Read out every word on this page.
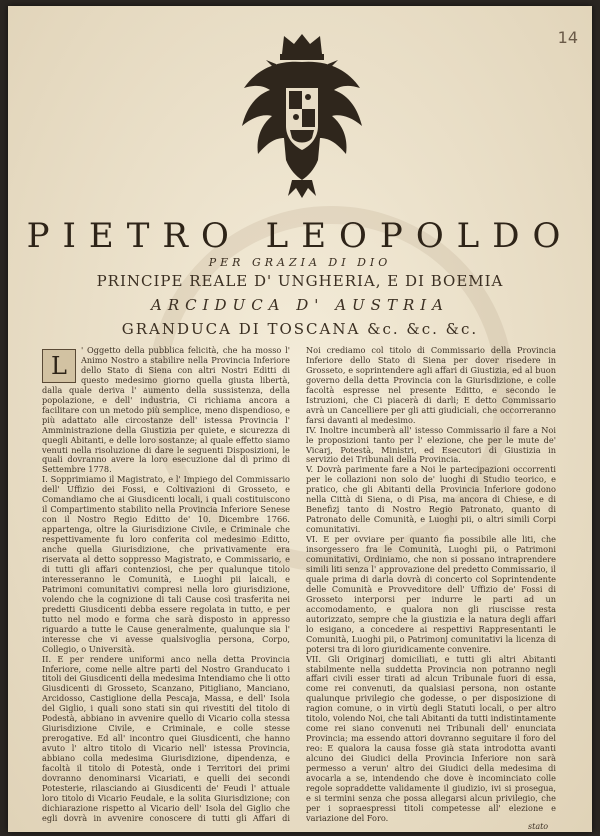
14
PIETRO LEOPOLDO
PER GRAZIA DI DIO
PRINCIPE REALE D' UNGHERIA, E DI BOEMIA
ARCIDUCA D' AUSTRIA
GRANDUCA DI TOSCANA &c. &c. &c.

L
' Oggetto della pubblica felicità, che ha mosso l' Animo Nostro a stabilire nella Provincia Inferiore dello Stato di Siena con altri Nostri Editti di questo medesimo giorno quella giusta libertà, dalla quale deriva l' aumento della sussistenza, della popolazione, e dell' industria, Ci richiama ancora a facilitare con un metodo più semplice, meno dispendioso, e più adattato alle circostanze dell' istessa Provincia l' Amministrazione della Giustizia per quiete, e sicurezza di quegli Abitanti, e delle loro sostanze; al quale effetto siamo venuti nella risoluzione di dare le seguenti Disposizioni, le quali dovranno avere la loro esecuzione dal dì primo di Settembre 1778.

I. Sopprimiamo il Magistrato, e l' Impiego del Commissario dell' Uffizio dei Fossi, e Coltivazioni di Grosseto, e Comandiamo che ai Giusdicenti locali, i quali costituiscono il Compartimento stabilito nella Provincia Inferiore Senese con il Nostro Regio Editto de' 10. Dicembre 1766. appartenga, oltre la Giurisdizione Civile, e Criminale che respettivamente fu loro conferita col medesimo Editto, anche quella Giurisdizione, che privativamente era riservata al detto soppresso Magistrato, e Commissario, e di tutti gli affari contenziosi, che per qualunque titolo interesseranno le Comunità, e Luoghi pii laicali, e Patrimoni comunitativi compresi nella loro giurisdizione, volendo che la cognizione di tali Cause così trasferita nei predetti Giusdicenti debba essere regolata in tutto, e per tutto nel modo e forma che sarà disposto in appresso riguardo a tutte le Cause generalmente, qualunque sia l' interesse che vi avesse qualsivoglia persona, Corpo, Collegio, o Università.

II. E per rendere uniformi anco nella detta Provincia Inferiore, come nelle altre parti del Nostro Granducato i titoli dei Giusdicenti della medesima Intendiamo che li otto Giusdicenti di Grosseto, Scanzano, Pitigliano, Manciano, Arcidosso, Castiglione della Pescaja, Massa, e dell' Isola del Giglio, i quali sono stati sin qui rivestiti del titolo di Podestà, abbiano in avvenire quello di Vicario colla stessa Giurisdizione Civile, e Criminale, e colle stesse prerogative. Ed all' incontro quei Giusdicenti, che hanno avuto l' altro titolo di Vicario nell' istessa Provincia, abbiano colla medesima Giurisdizione, dipendenza, e facoltà il titolo di Potestà, onde i Territori dei primi dovranno denominarsi Vicariati, e quelli dei secondi Potesterie, rilasciando ai Giusdicenti de' Feudi l' attuale loro titolo di Vicario Feudale, e la solita Giurisdizione; con dichiarazione rispetto al Vicario dell' Isola del Giglio che egli dovrà in avvenire conoscere di tutti gli Affari di

Noi crediamo col titolo di Commissario della Provincia Inferiore dello Stato di Siena per dover risedere in Grosseto, e soprintendere agli affari di Giustizia, ed al buon governo della detta Provincia con la Giurisdizione, e colle facoltà espresse nel presente Editto, e secondo le Istruzioni, che Ci piacerà di darli; E detto Commissario avrà un Cancelliere per gli atti giudiciali, che occorreranno farsi davanti al medesimo.

IV. Inoltre incumberà all' istesso Commissario il fare a Noi le proposizioni tanto per l' elezione, che per le mute de' Vicarj, Potestà, Ministri, ed Esecutori di Giustizia in servizio dei Tribunali della Provincia.

V. Dovrà parimente fare a Noi le partecipazioni occorrenti per le collazioni non solo de' luoghi di Studio teorico, e pratico, che gli Abitanti della Provincia Inferiore godono nella Città di Siena, o di Pisa, ma ancora di Chiese, e di Benefizj tanto di Nostro Regio Patronato, quanto di Patronato delle Comunità, e Luoghi pii, o altri simili Corpi comunitativi.

VI. E per ovviare per quanto fia possibile alle liti, che insorgessero fra le Comunità, Luoghi pii, o Patrimoni comunitativi, Ordiniamo, che non si possano intraprendere simili liti senza l' approvazione del predetto Commissario, il quale prima di darla dovrà di concerto col Soprintendente delle Comunità e Provveditore dell' Uffizio de' Fossi di Grosseto interporsi per indurre le parti ad un accomodamento, e qualora non gli riuscisse resta autorizzato, sempre che la giustizia e la natura degli affari lo esigano, a concedere ai respettivi Rappresentanti le Comunità, Luoghi pii, o Patrimonj comunitativi la licenza di potersi tra di loro giuridicamente convenire.

VII. Gli Originarj domiciliati, e tutti gli altri Abitanti stabilmente nella suddetta Provincia non potranno negli affari civili esser tirati ad alcun Tribunale fuori di essa, come rei convenuti, da qualsiasi persona, non ostante qualunque privilegio che godesse, o per disposizione di ragion comune, o in virtù degli Statuti locali, o per altro titolo, volendo Noi, che tali Abitanti da tutti indistintamente come rei siano convenuti nei Tribunali dell' enunciata Provincia; ma essendo attori dovranno seguitare il foro del reo: E qualora la causa fosse già stata introdotta avanti alcuno dei Giudici della Provincia Inferiore non sarà permesso a verun' altro dei Giudici della medesima di avocarla a se, intendendo che dove è incominciato colle regole sopraddette validamente il giudizio, ivi si prosegua, e si termini senza che possa allegarsi alcun privilegio, che per i sopraespressi titoli competesse all' elezione e variazione del Foro.

stato
